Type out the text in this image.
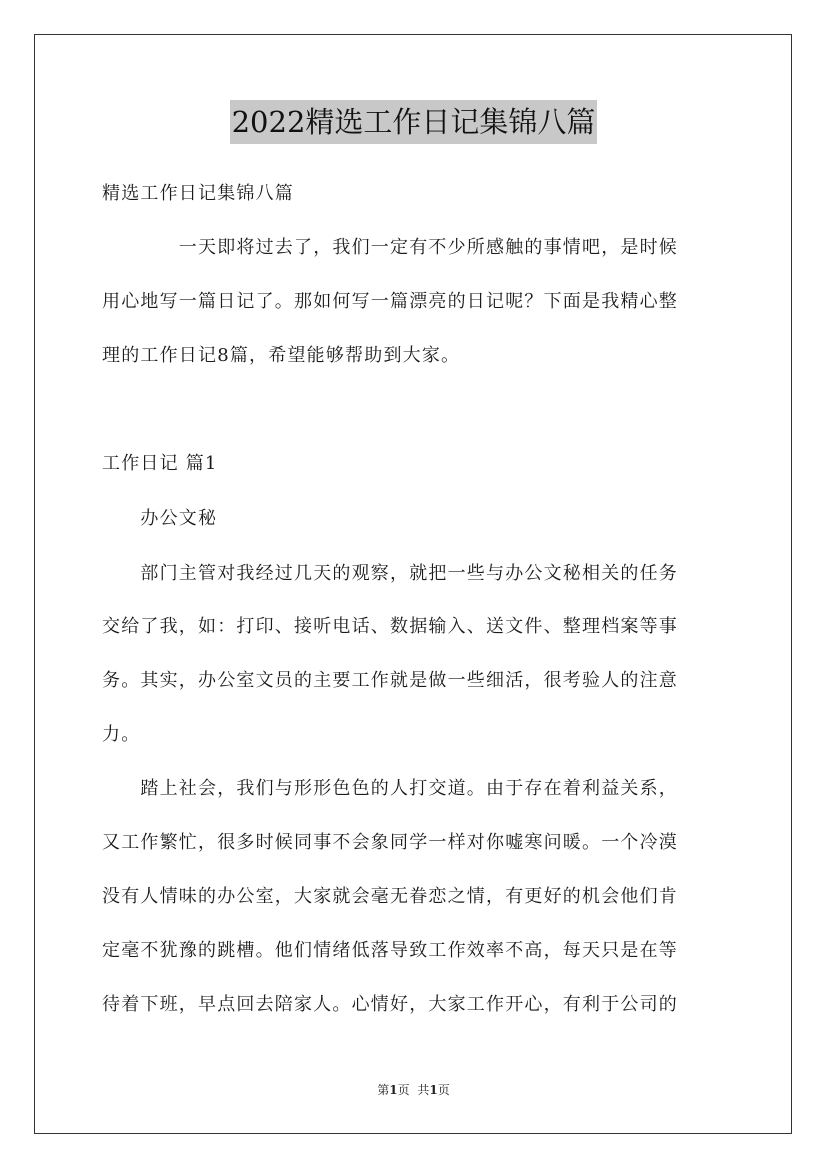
2022精选工作日记集锦八篇
精选工作日记集锦八篇
　　　　一天即将过去了，我们一定有不少所感触的事情吧，是时候
用心地写一篇日记了。那如何写一篇漂亮的日记呢？下面是我精心整
理的工作日记8篇，希望能够帮助到大家。
工作日记 篇1
　　办公文秘
　　部门主管对我经过几天的观察，就把一些与办公文秘相关的任务
交给了我，如：打印、接听电话、数据输入、送文件、整理档案等事
务。其实，办公室文员的主要工作就是做一些细活，很考验人的注意
力。
　　踏上社会，我们与形形色色的人打交道。由于存在着利益关系，
又工作繁忙，很多时候同事不会象同学一样对你嘘寒问暖。一个冷漠
没有人情味的办公室，大家就会毫无眷恋之情，有更好的机会他们肯
定毫不犹豫的跳槽。他们情绪低落导致工作效率不高，每天只是在等
待着下班，早点回去陪家人。心情好，大家工作开心，有利于公司的
第1页 共1页
